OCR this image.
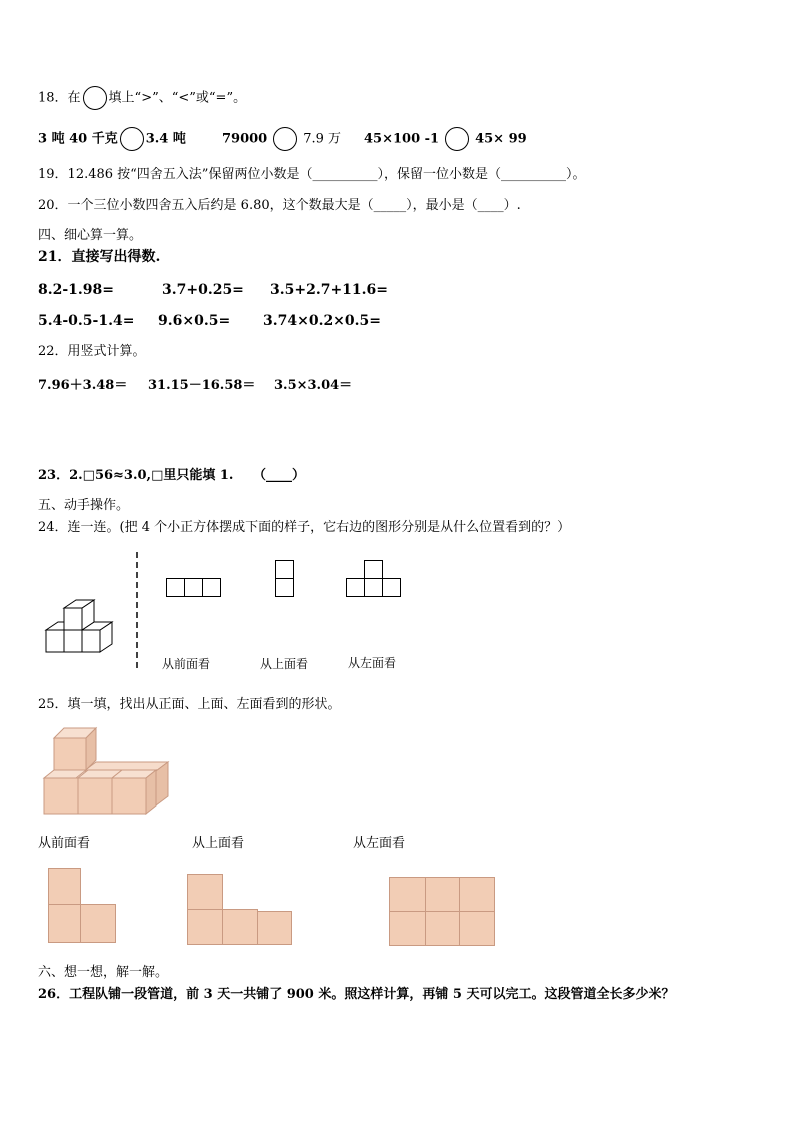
18．在 填上“>”、“<”或“=”。
3 吨 40 千克 3.4 吨	79000	7.9 万 45×100 -1	45× 99
19．12.486 按“四舍五入法”保留两位小数是（__________），保留一位小数是（__________）。
20．一个三位小数四舍五入后约是 6.80，这个数最大是（_____），最小是（____）.
四、细心算一算。
21．直接写出得数.
8.2-1.98=	3.7+0.25= 3.5+2.7+11.6=
5.4-0.5-1.4= 9.6×0.5= 3.74×0.2×0.5=
22．用竖式计算。
7.96＋3.48＝ 31.15－16.58＝ 3.5×3.04＝
23．2.□56≈3.0,□里只能填 1.　　（____）
五、动手操作。
24．连一连。(把 4 个小正方体摆成下面的样子，它右边的图形分别是从什么位置看到的？）
从前面看	从上面看	从左面看
25．填一填，找出从正面、上面、左面看到的形状。
从前面看	从上面看	从左面看
六、想一想，解一解。
26．工程队铺一段管道，前 3 天一共铺了 900 米。照这样计算，再铺 5 天可以完工。这段管道全长多少米？
